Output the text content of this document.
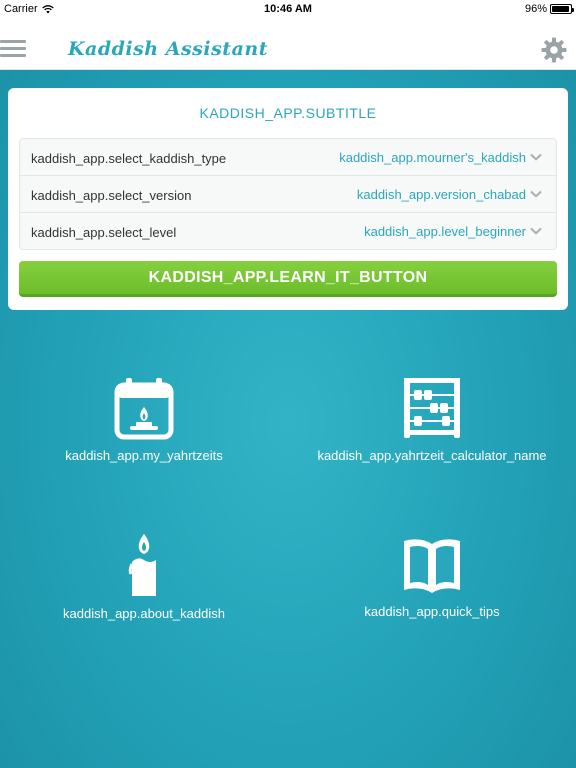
Carrier	10:46 AM	96%
Kaddish Assistant
KADDISH_APP.SUBTITLE
kaddish_app.select_kaddish_type	kaddish_app.mourner's_kaddish
kaddish_app.select_version	kaddish_app.version_chabad
kaddish_app.select_level	kaddish_app.level_beginner
KADDISH_APP.LEARN_IT_BUTTON
kaddish_app.my_yahrtzeits	kaddish_app.yahrtzeit_calculator_name
kaddish_app.about_kaddish	kaddish_app.quick_tips
